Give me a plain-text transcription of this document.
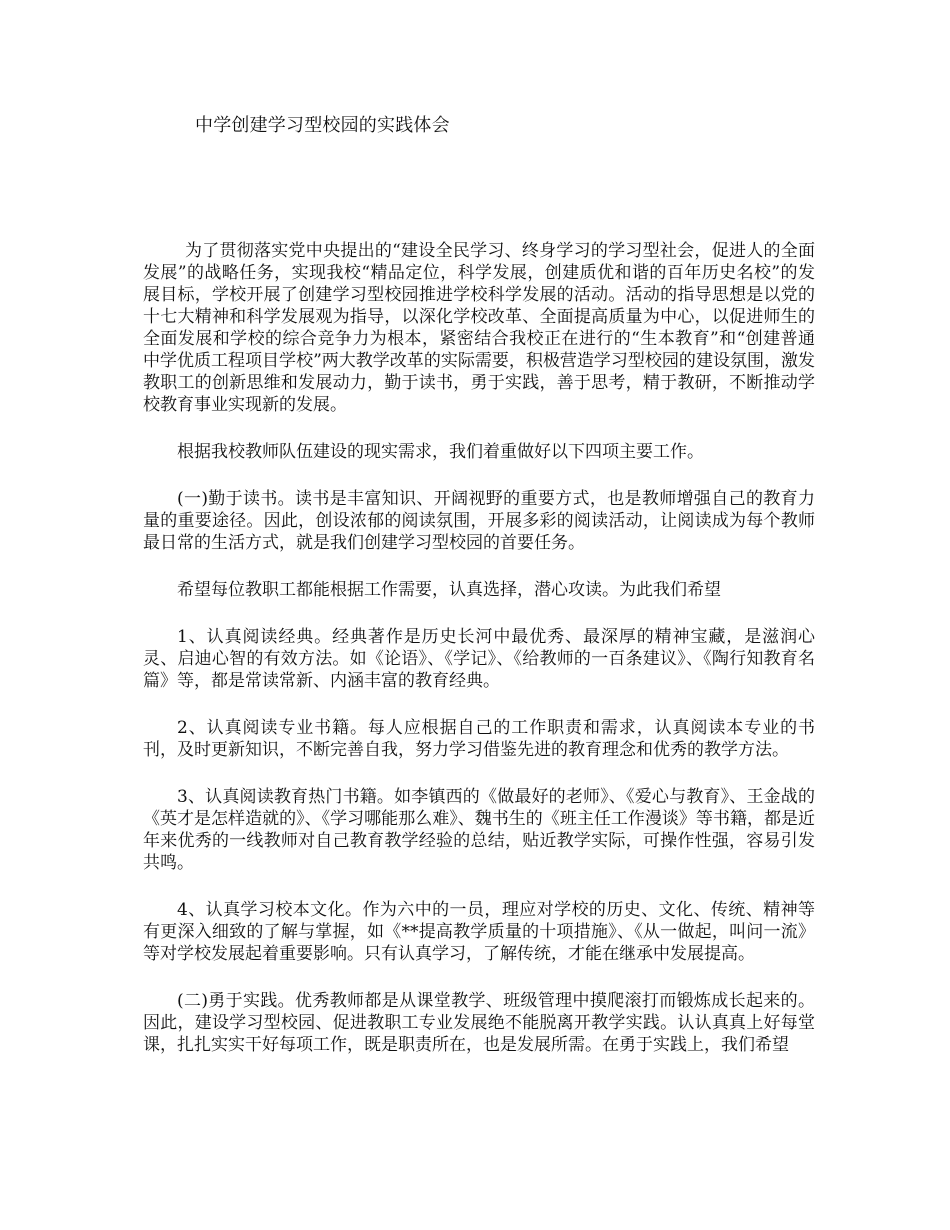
中学创建学习型校园的实践体会

为了贯彻落实党中央提出的“建设全民学习、终身学习的学习型社会，促进人的全面发展”的战略任务，实现我校“精品定位，科学发展，创建质优和谐的百年历史名校”的发展目标，学校开展了创建学习型校园推进学校科学发展的活动。活动的指导思想是以党的十七大精神和科学发展观为指导，以深化学校改革、全面提高质量为中心，以促进师生的全面发展和学校的综合竞争力为根本，紧密结合我校正在进行的“生本教育”和“创建普通中学优质工程项目学校”两大教学改革的实际需要，积极营造学习型校园的建设氛围，激发教职工的创新思维和发展动力，勤于读书，勇于实践，善于思考，精于教研，不断推动学校教育事业实现新的发展。

根据我校教师队伍建设的现实需求，我们着重做好以下四项主要工作。

(一)勤于读书。读书是丰富知识、开阔视野的重要方式，也是教师增强自己的教育力量的重要途径。因此，创设浓郁的阅读氛围，开展多彩的阅读活动，让阅读成为每个教师最日常的生活方式，就是我们创建学习型校园的首要任务。

希望每位教职工都能根据工作需要，认真选择，潜心攻读。为此我们希望

1、认真阅读经典。经典著作是历史长河中最优秀、最深厚的精神宝藏，是滋润心灵、启迪心智的有效方法。如《论语》、《学记》、《给教师的一百条建议》、《陶行知教育名篇》等，都是常读常新、内涵丰富的教育经典。

2、认真阅读专业书籍。每人应根据自己的工作职责和需求，认真阅读本专业的书刊，及时更新知识，不断完善自我，努力学习借鉴先进的教育理念和优秀的教学方法。

3、认真阅读教育热门书籍。如李镇西的《做最好的老师》、《爱心与教育》、王金战的《英才是怎样造就的》、《学习哪能那么难》、魏书生的《班主任工作漫谈》等书籍，都是近年来优秀的一线教师对自己教育教学经验的总结，贴近教学实际，可操作性强，容易引发共鸣。

4、认真学习校本文化。作为六中的一员，理应对学校的历史、文化、传统、精神等有更深入细致的了解与掌握，如《**提高教学质量的十项措施》、《从一做起，叫问一流》等对学校发展起着重要影响。只有认真学习，了解传统，才能在继承中发展提高。

(二)勇于实践。优秀教师都是从课堂教学、班级管理中摸爬滚打而锻炼成长起来的。因此，建设学习型校园、促进教职工专业发展绝不能脱离开教学实践。认认真真上好每堂课，扎扎实实干好每项工作，既是职责所在，也是发展所需。在勇于实践上，我们希望
